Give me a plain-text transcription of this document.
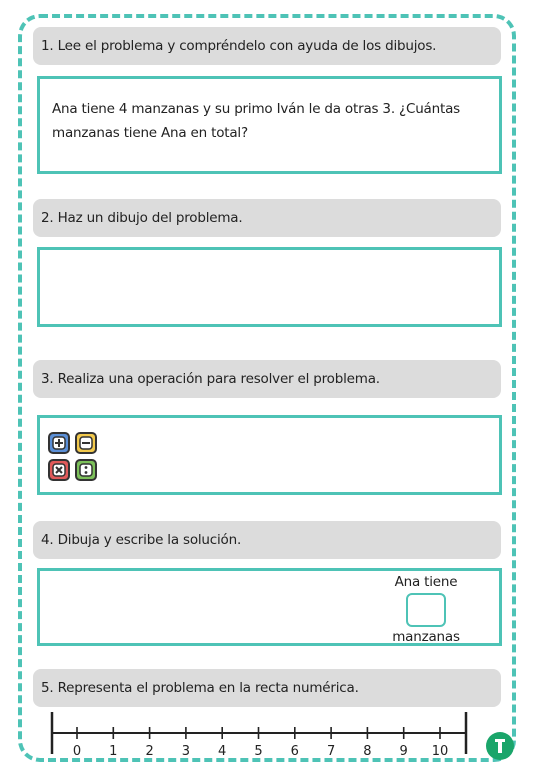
1. Lee el problema y compréndelo con ayuda de los dibujos.
Ana tiene 4 manzanas y su primo Iván le da otras 3. ¿Cuántas manzanas tiene Ana en total?
2. Haz un dibujo del problema.
3. Realiza una operación para resolver el problema.
4. Dibuja y escribe la solución.
Ana tiene
manzanas
5. Representa el problema en la recta numérica.
0 1 2 3 4 5 6 7 8 9 10
